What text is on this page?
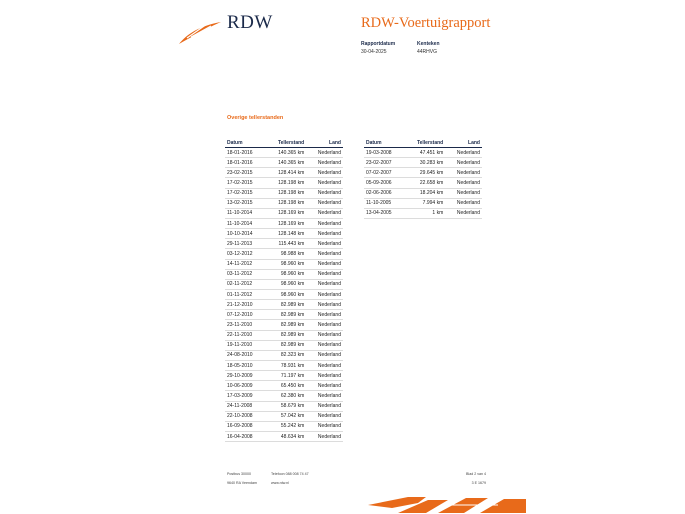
RDW	RDW-Voertuigrapport
Rapportdatum
30-04-2025
Kenteken
44RHVG
Overige tellerstanden
Datum	Tellerstand	Land
18-01-2016	140.365 km	Nederland
18-01-2016	140.365 km	Nederland
23-02-2015	128.414 km	Nederland
17-02-2015	128.198 km	Nederland
17-02-2015	128.198 km	Nederland
13-02-2015	128.198 km	Nederland
11-10-2014	128.169 km	Nederland
11-10-2014	128.169 km	Nederland
10-10-2014	128.148 km	Nederland
29-11-2013	115.443 km	Nederland
03-12-2012	98.988 km	Nederland
14-11-2012	98.960 km	Nederland
03-11-2012	98.960 km	Nederland
02-11-2012	98.960 km	Nederland
01-11-2012	98.960 km	Nederland
21-12-2010	82.989 km	Nederland
07-12-2010	82.989 km	Nederland
23-11-2010	82.989 km	Nederland
22-11-2010	82.989 km	Nederland
19-11-2010	82.989 km	Nederland
24-08-2010	82.323 km	Nederland
18-05-2010	78.931 km	Nederland
29-10-2009	71.197 km	Nederland
10-06-2009	65.450 km	Nederland
17-03-2009	62.380 km	Nederland
24-11-2008	58.679 km	Nederland
22-10-2008	57.042 km	Nederland
16-09-2008	55.242 km	Nederland
16-04-2008	48.634 km	Nederland
Datum	Tellerstand	Land
19-03-2008	47.451 km	Nederland
23-02-2007	30.283 km	Nederland
07-02-2007	29.645 km	Nederland
05-09-2006	22.658 km	Nederland
02-06-2006	18.204 km	Nederland
11-10-2005	7.994 km	Nederland
13-04-2005	1 km	Nederland
Postbus 30000
9640 RA Veendam
Telefoon 088 008 74 47
www.rdw.nl
Blad 2 van 4
3 E 1679
